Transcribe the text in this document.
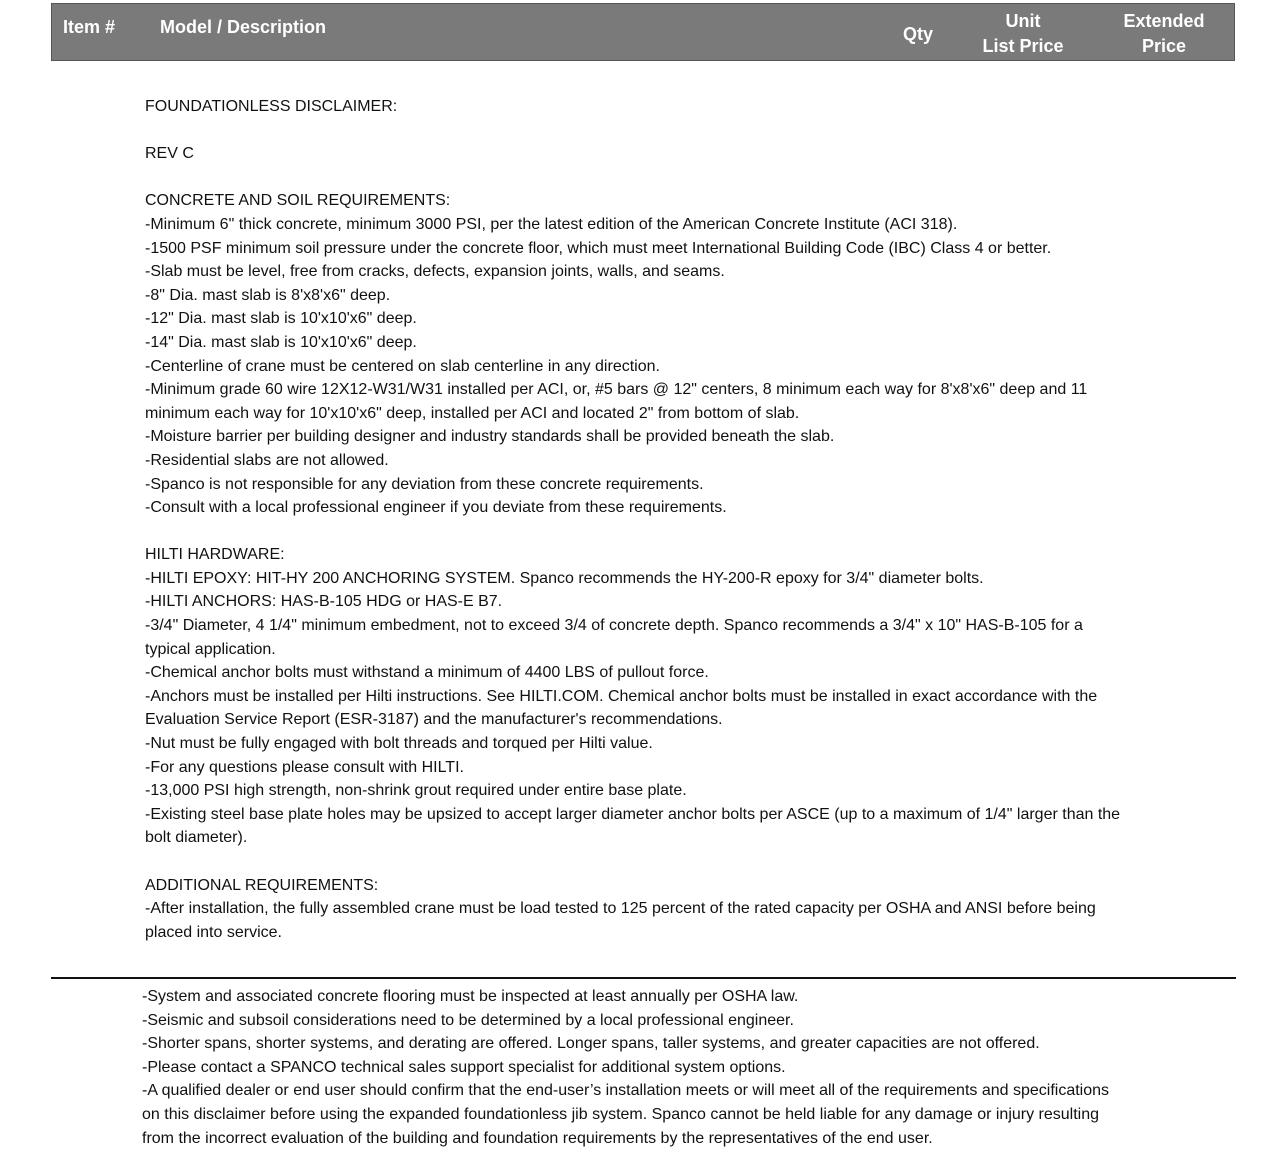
Item # Model / Description	Qty
Unit
List Price
Extended
Price

FOUNDATIONLESS DISCLAIMER:

REV C

CONCRETE AND SOIL REQUIREMENTS:

-Minimum 6" thick concrete, minimum 3000 PSI, per the latest edition of the American Concrete Institute (ACI 318).

-1500 PSF minimum soil pressure under the concrete floor, which must meet International Building Code (IBC) Class 4 or better.

-Slab must be level, free from cracks, defects, expansion joints, walls, and seams.

-8" Dia. mast slab is 8'x8'x6" deep.

-12" Dia. mast slab is 10'x10'x6" deep.

-14" Dia. mast slab is 10'x10'x6" deep.

-Centerline of crane must be centered on slab centerline in any direction.

-Minimum grade 60 wire 12X12-W31/W31 installed per ACI, or, #5 bars @ 12" centers, 8 minimum each way for 8'x8'x6" deep and 11 minimum each way for 10'x10'x6" deep, installed per ACI and located 2" from bottom of slab.

-Moisture barrier per building designer and industry standards shall be provided beneath the slab.

-Residential slabs are not allowed.

-Spanco is not responsible for any deviation from these concrete requirements.

-Consult with a local professional engineer if you deviate from these requirements.

HILTI HARDWARE:

-HILTI EPOXY: HIT-HY 200 ANCHORING SYSTEM. Spanco recommends the HY-200-R epoxy for 3/4" diameter bolts.

-HILTI ANCHORS: HAS-B-105 HDG or HAS-E B7.

-3/4" Diameter, 4 1/4" minimum embedment, not to exceed 3/4 of concrete depth. Spanco recommends a 3/4" x 10" HAS-B-105 for a typical application.

-Chemical anchor bolts must withstand a minimum of 4400 LBS of pullout force.

-Anchors must be installed per Hilti instructions. See HILTI.COM. Chemical anchor bolts must be installed in exact accordance with the Evaluation Service Report (ESR-3187) and the manufacturer's recommendations.

-Nut must be fully engaged with bolt threads and torqued per Hilti value.

-For any questions please consult with HILTI.

-13,000 PSI high strength, non-shrink grout required under entire base plate.

-Existing steel base plate holes may be upsized to accept larger diameter anchor bolts per ASCE (up to a maximum of 1/4" larger than the bolt diameter).

ADDITIONAL REQUIREMENTS:

-After installation, the fully assembled crane must be load tested to 125 percent of the rated capacity per OSHA and ANSI before being placed into service.

-System and associated concrete flooring must be inspected at least annually per OSHA law.

-Seismic and subsoil considerations need to be determined by a local professional engineer.

-Shorter spans, shorter systems, and derating are offered. Longer spans, taller systems, and greater capacities are not offered.

-Please contact a SPANCO technical sales support specialist for additional system options.

-A qualified dealer or end user should confirm that the end-user’s installation meets or will meet all of the requirements and specifications on this disclaimer before using the expanded foundationless jib system. Spanco cannot be held liable for any damage or injury resulting from the incorrect evaluation of the building and foundation requirements by the representatives of the end user.
